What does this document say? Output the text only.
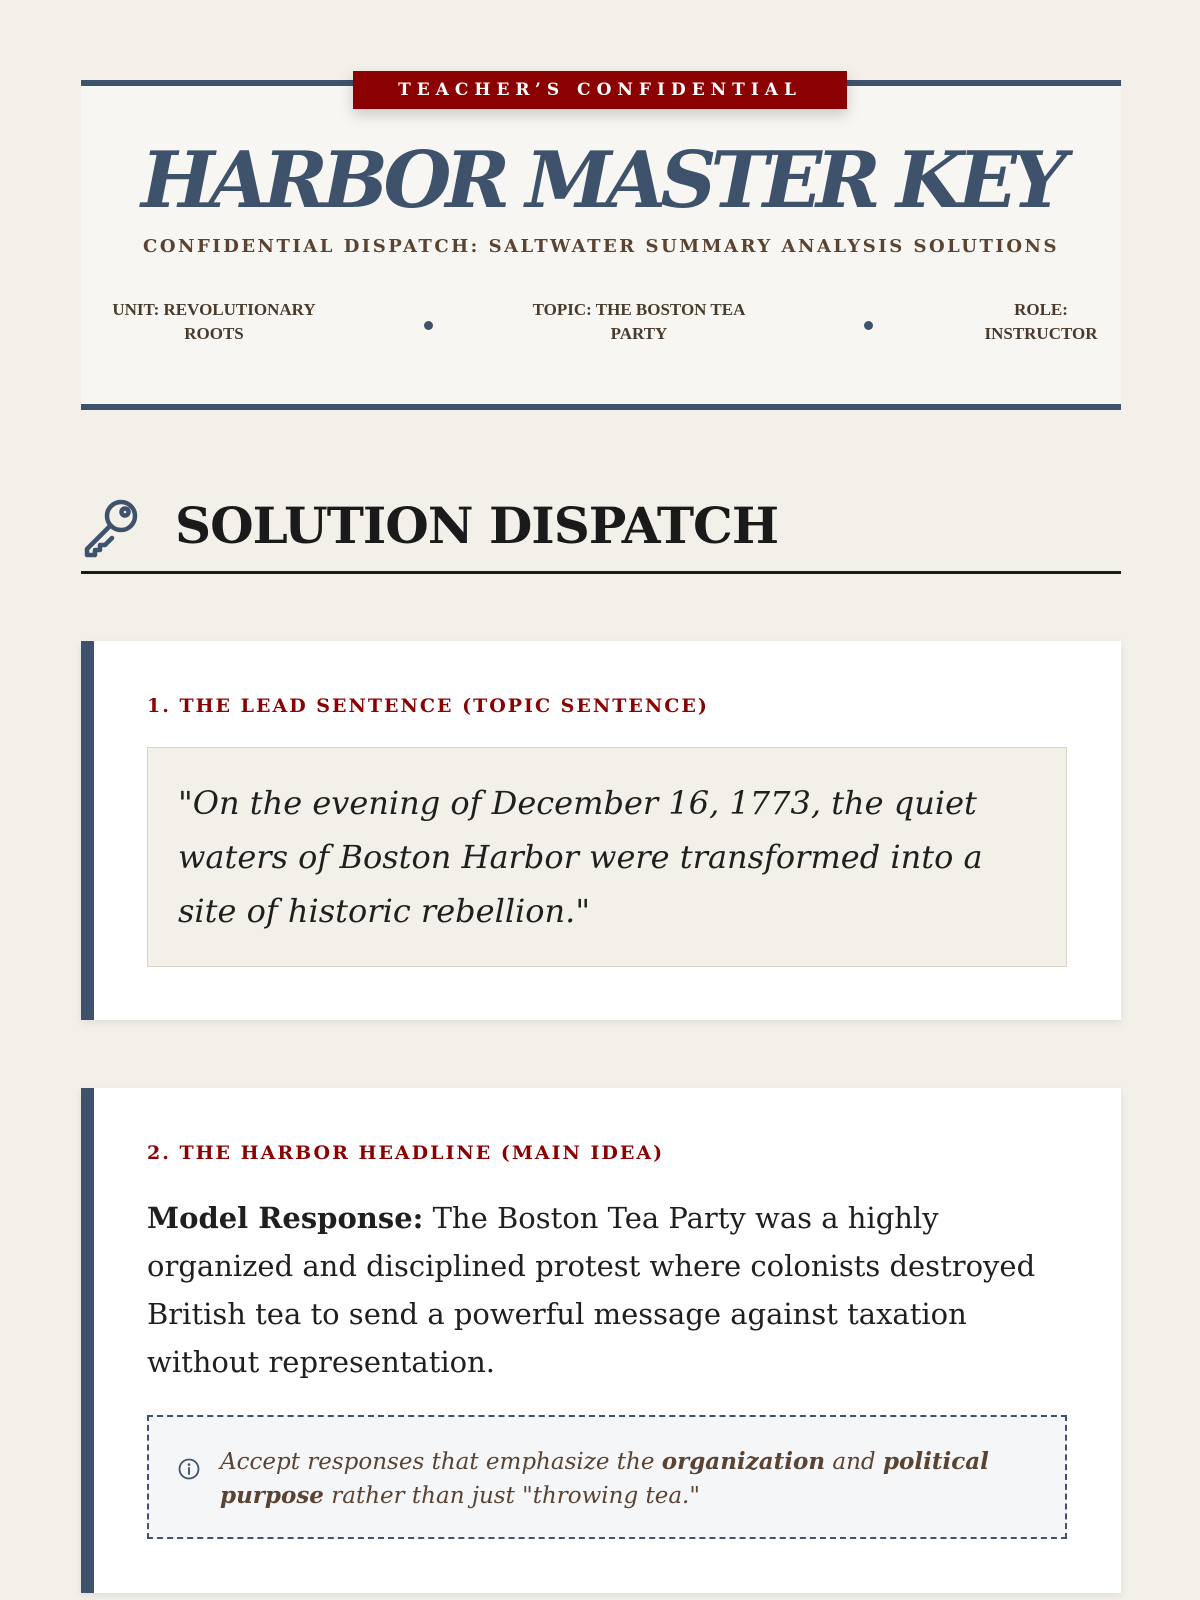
TEACHER’S CONFIDENTIAL
HARBOR MASTER KEY
CONFIDENTIAL DISPATCH: SALTWATER SUMMARY ANALYSIS SOLUTIONS
UNIT: REVOLUTIONARY ROOTS
TOPIC: THE BOSTON TEA PARTY
ROLE: INSTRUCTOR
SOLUTION DISPATCH
1. THE LEAD SENTENCE (TOPIC SENTENCE)
"On the evening of December 16, 1773, the quiet waters of Boston Harbor were transformed into a site of historic rebellion."
2. THE HARBOR HEADLINE (MAIN IDEA)
Model Response: The Boston Tea Party was a highly organized and disciplined protest where colonists destroyed British tea to send a powerful message against taxation without representation.
Accept responses that emphasize the organization and political purpose rather than just "throwing tea."
